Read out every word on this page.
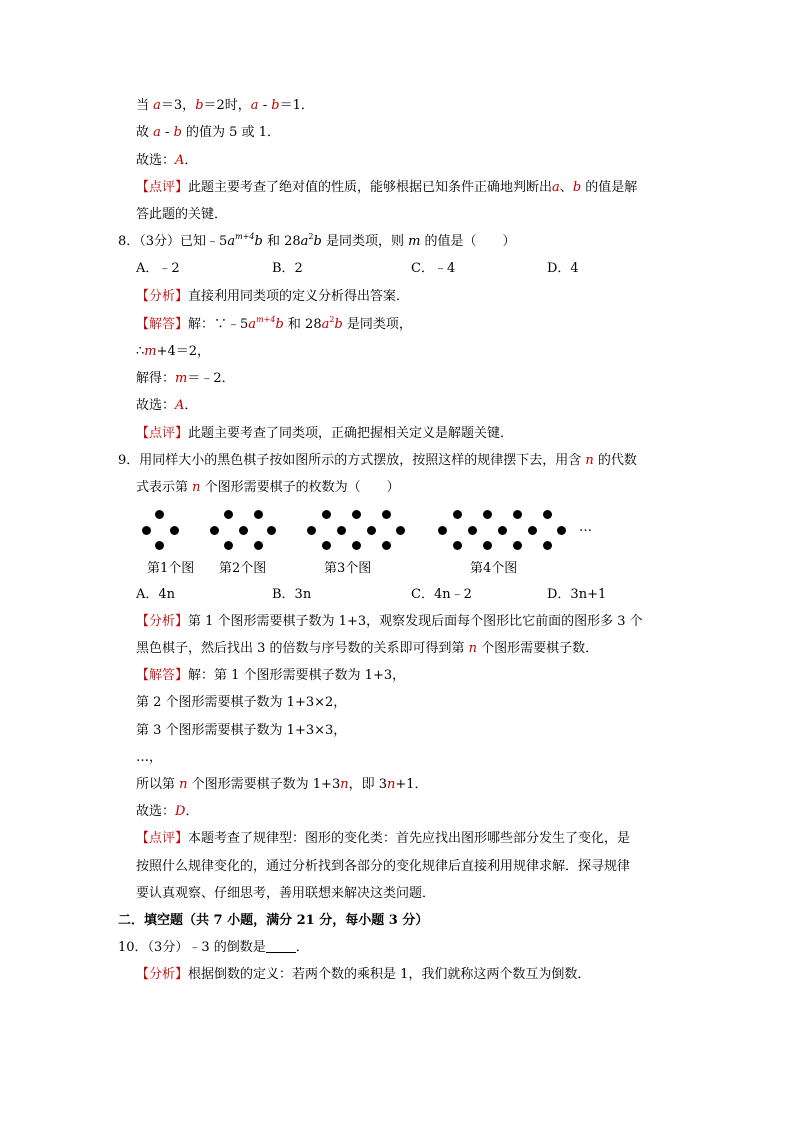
当 a＝3，b＝2时，a - b＝1．
故 a - b 的值为 5 或 1．
故选：A．
【点评】此题主要考查了绝对值的性质，能够根据已知条件正确地判断出a、b 的值是解
答此题的关键．
8．（3分）已知$﹣5a^{m+4}b$ 和 $28a^2b$ 是同类项，则 m 的值是（　　）
A．﹣2	B．2	C．﹣4	D．4
【分析】直接利用同类项的定义分析得出答案．
【解答】解：$\because﹣5a^{m+4}b$ 和 $28a^2b$ 是同类项，
∴m+4＝2，
解得：m＝﹣2．
故选：A．
【点评】此题主要考查了同类项，正确把握相关定义是解题关键．
9．用同样大小的黑色棋子按如图所示的方式摆放，按照这样的规律摆下去，用含 n 的代数
式表示第 n 个图形需要棋子的枚数为（　　）
…
第1个图 第2个图	第3个图	第4个图
A．4n	B．3n	C．4n﹣2	D．3n+1
【分析】第 1 个图形需要棋子数为 1+3，观察发现后面每个图形比它前面的图形多 3 个
黑色棋子，然后找出 3 的倍数与序号数的关系即可得到第 n 个图形需要棋子数．
【解答】解：第 1 个图形需要棋子数为 1+3，
第 2 个图形需要棋子数为 1+3×2，
第 3 个图形需要棋子数为 1+3×3，
…，
所以第 n 个图形需要棋子数为 1+3n，即 3n+1．
故选：D．
【点评】本题考查了规律型：图形的变化类：首先应找出图形哪些部分发生了变化，是
按照什么规律变化的，通过分析找到各部分的变化规律后直接利用规律求解．探寻规律
要认真观察、仔细思考，善用联想来解决这类问题．
二．填空题（共 7 小题，满分 21 分，每小题 3 分）
10．（3分）﹣3 的倒数是 ．
【分析】根据倒数的定义：若两个数的乘积是 1，我们就称这两个数互为倒数．
